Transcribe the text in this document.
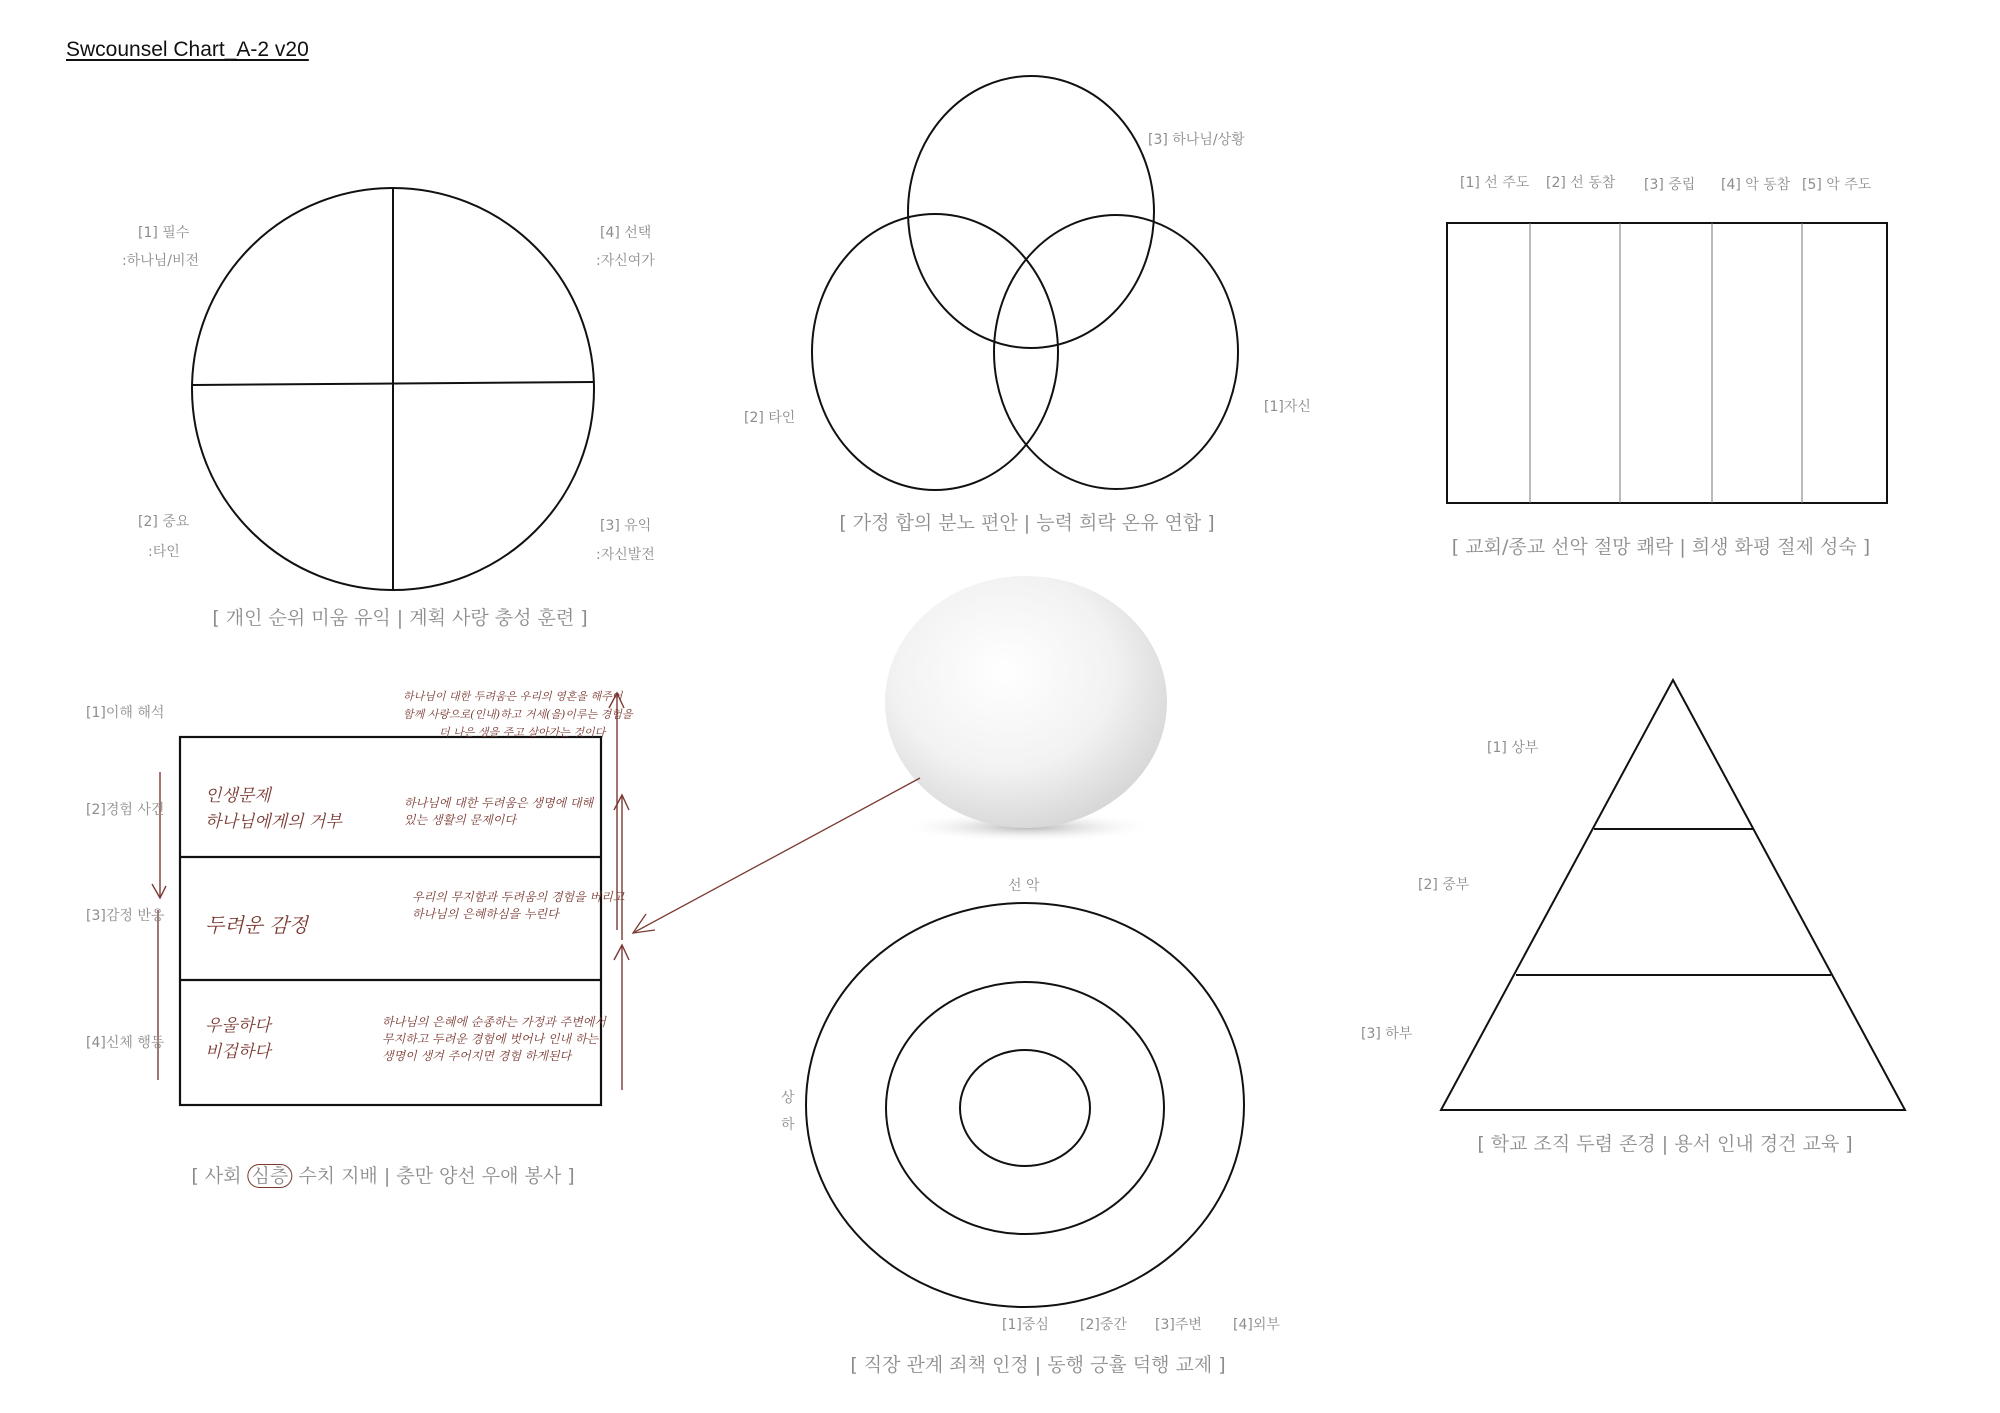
Swcounsel Chart_A-2 v20
[1] 필수
:하나님/비전
[4] 선택
:자신여가
[2] 중요
:타인
[3] 유익
:자신발전
[ 개인 순위 미움 유익 | 계획 사랑 충성 훈련 ]
[3] 하나님/상황
[2] 타인
[1]자신
[ 가정 합의 분노 편안 | 능력 희락 온유 연합 ]
[1] 선 주도 [2] 선 동참 [3] 중립 [4] 악 동참 [5] 악 주도
[ 교회/종교 선악 절망 쾌락 | 희생 화평 절제 성숙 ]
[1]이해 해석
[2]경험 사건
[3]감정 반응
[4]신체 행동
하나님이 대한 두려움은 우리의 영혼을 해주어
함께 사랑으로(인내)하고 거세(을)이루는 경험을
더 나은 생을 주고 살아가는 것이다
인생문제
하나님에게의 거부
하나님에 대한 두려움은 생명에 대해
있는 생활의 문제이다
두려운 감정
우리의 무지함과 두려움의 경험을 버리고
하나님의 은혜하심을 누린다
우울하다
비겁하다
하나님의 은혜에 순종하는 가정과 주변에서
무지하고 두려운 경험에 벗어나 인내 하는
생명이 생겨 주어지면 경험 하게된다
[ 사회 심층 수치 지배 | 충만 양선 우애 봉사 ]
선 악
상
하
[1]중심 [2]중간 [3]주변 [4]외부
[ 직장 관계 죄책 인정 | 동행 긍휼 덕행 교제 ]
[1] 상부
[2] 중부
[3] 하부
[ 학교 조직 두렴 존경 | 용서 인내 경건 교육 ]
